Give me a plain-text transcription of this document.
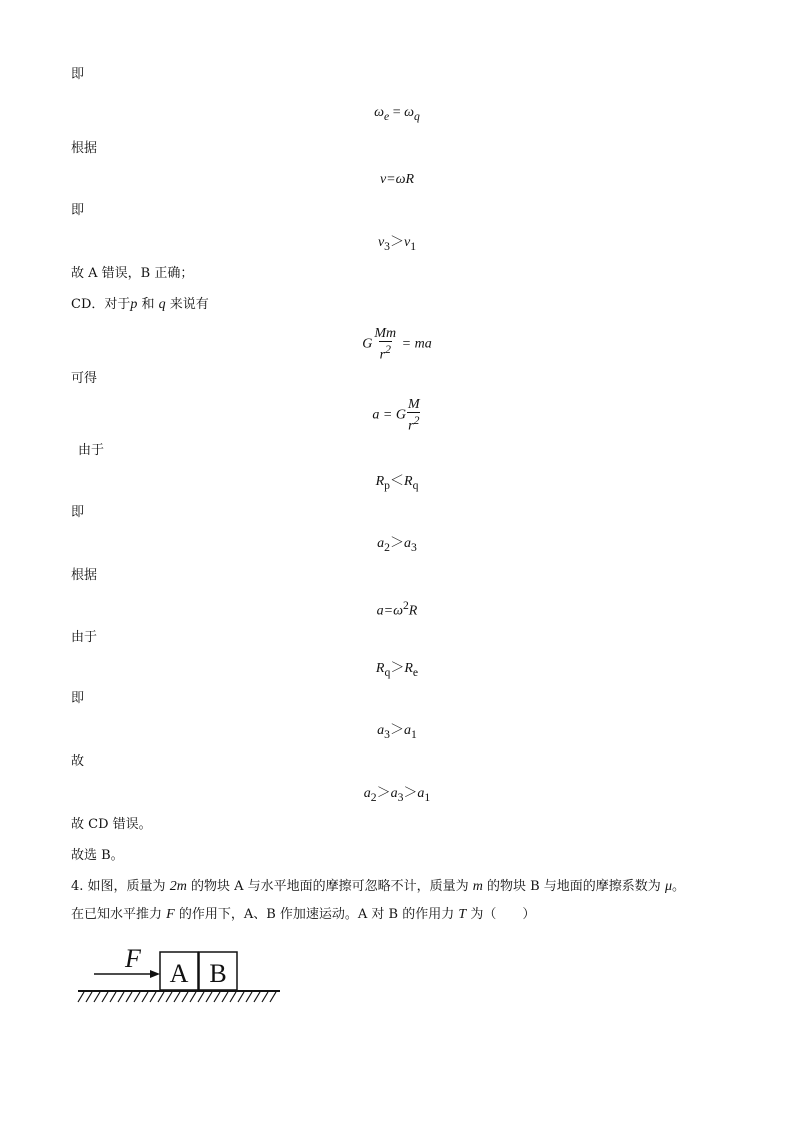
即
$\omega_e = \omega_q$
根据
v=ωR
即
$v_3>v_1$
故 A 错误，B 正确；
CD．对于p 和 q 来说有
G $\frac{Mm}{r^2}$ = ma
可得
a = G $\frac{M}{r^2}$
由于
$R_p<R_q$
即
$a_2>a_3$
根据
$a=\omega^2R$
由于
$R_q>R_e$
即
$a_3>a_1$
故
$a_2>a_3>a_1$
故 CD 错误。
故选 B。
4. 如图，质量为 2m 的物块 A 与水平地面的摩擦可忽略不计，质量为 m 的物块 B 与地面的摩擦系数为 μ。
在已知水平推力 F 的作用下，A、B 作加速运动。A 对 B 的作用力 T 为（　　）
F
A B
